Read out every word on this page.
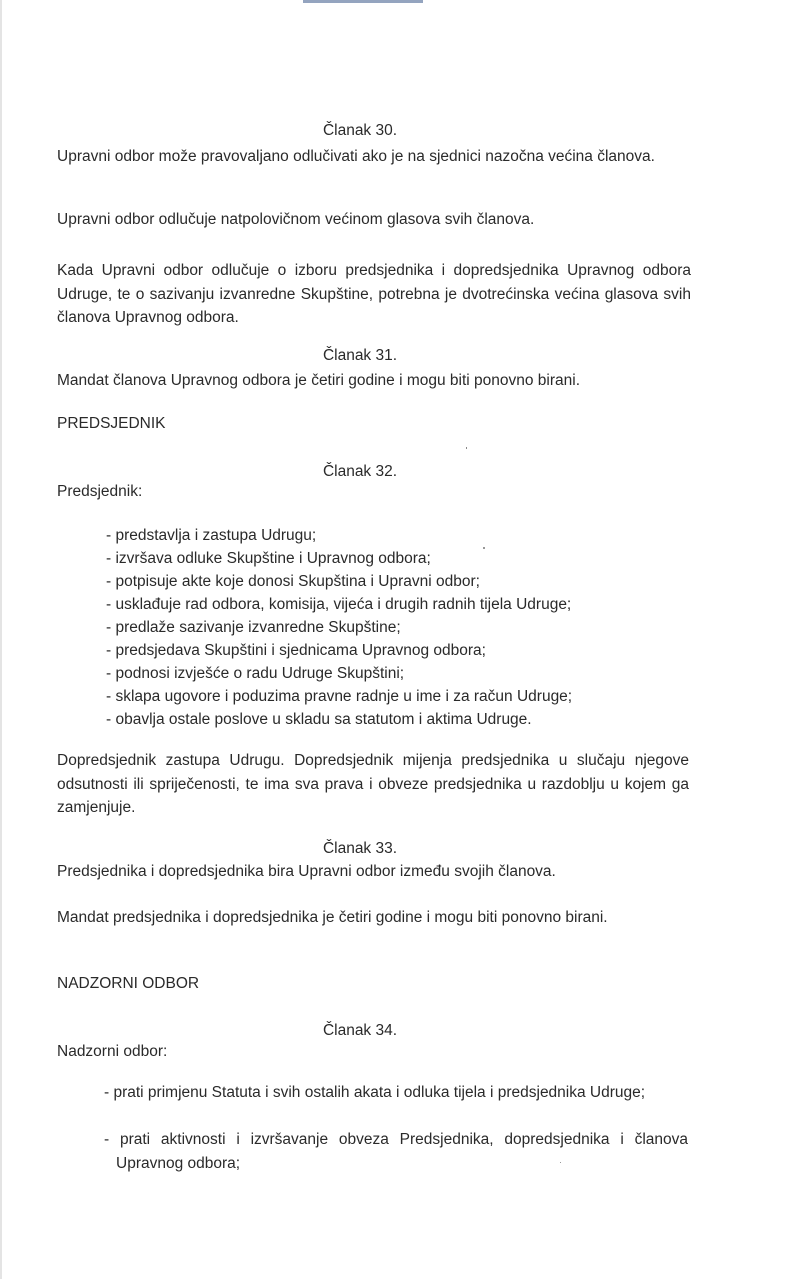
Članak 30.
Upravni odbor može pravovaljano odlučivati ako je na sjednici nazočna većina članova.
Upravni odbor odlučuje natpolovičnom većinom glasova svih članova.
Kada Upravni odbor odlučuje o izboru predsjednika i dopredsjednika Upravnog odbora Udruge, te o sazivanju izvanredne Skupštine, potrebna je dvotrećinska većina glasova svih članova Upravnog odbora.
Članak 31.
Mandat članova Upravnog odbora je četiri godine i mogu biti ponovno birani.
PREDSJEDNIK
Članak 32.
Predsjednik:
- predstavlja i zastupa Udrugu;
- izvršava odluke Skupštine i Upravnog odbora;
- potpisuje akte koje donosi Skupština i Upravni odbor;
- usklađuje rad odbora, komisija, vijeća i drugih radnih tijela Udruge;
- predlaže sazivanje izvanredne Skupštine;
- predsjedava Skupštini i sjednicama Upravnog odbora;
- podnosi izvješće o radu Udruge Skupštini;
- sklapa ugovore i poduzima pravne radnje u ime i za račun Udruge;
- obavlja ostale poslove u skladu sa statutom i aktima Udruge.
Dopredsjednik zastupa Udrugu. Dopredsjednik mijenja predsjednika u slučaju njegove odsutnosti ili spriječenosti, te ima sva prava i obveze predsjednika u razdoblju u kojem ga zamjenjuje.
Članak 33.
Predsjednika i dopredsjednika bira Upravni odbor između svojih članova.
Mandat predsjednika i dopredsjednika je četiri godine i mogu biti ponovno birani.
NADZORNI ODBOR
Članak 34.
Nadzorni odbor:
- prati primjenu Statuta i svih ostalih akata i odluka tijela i predsjednika Udruge;
- prati aktivnosti i izvršavanje obveza Predsjednika, dopredsjednika i članova Upravnog odbora;
